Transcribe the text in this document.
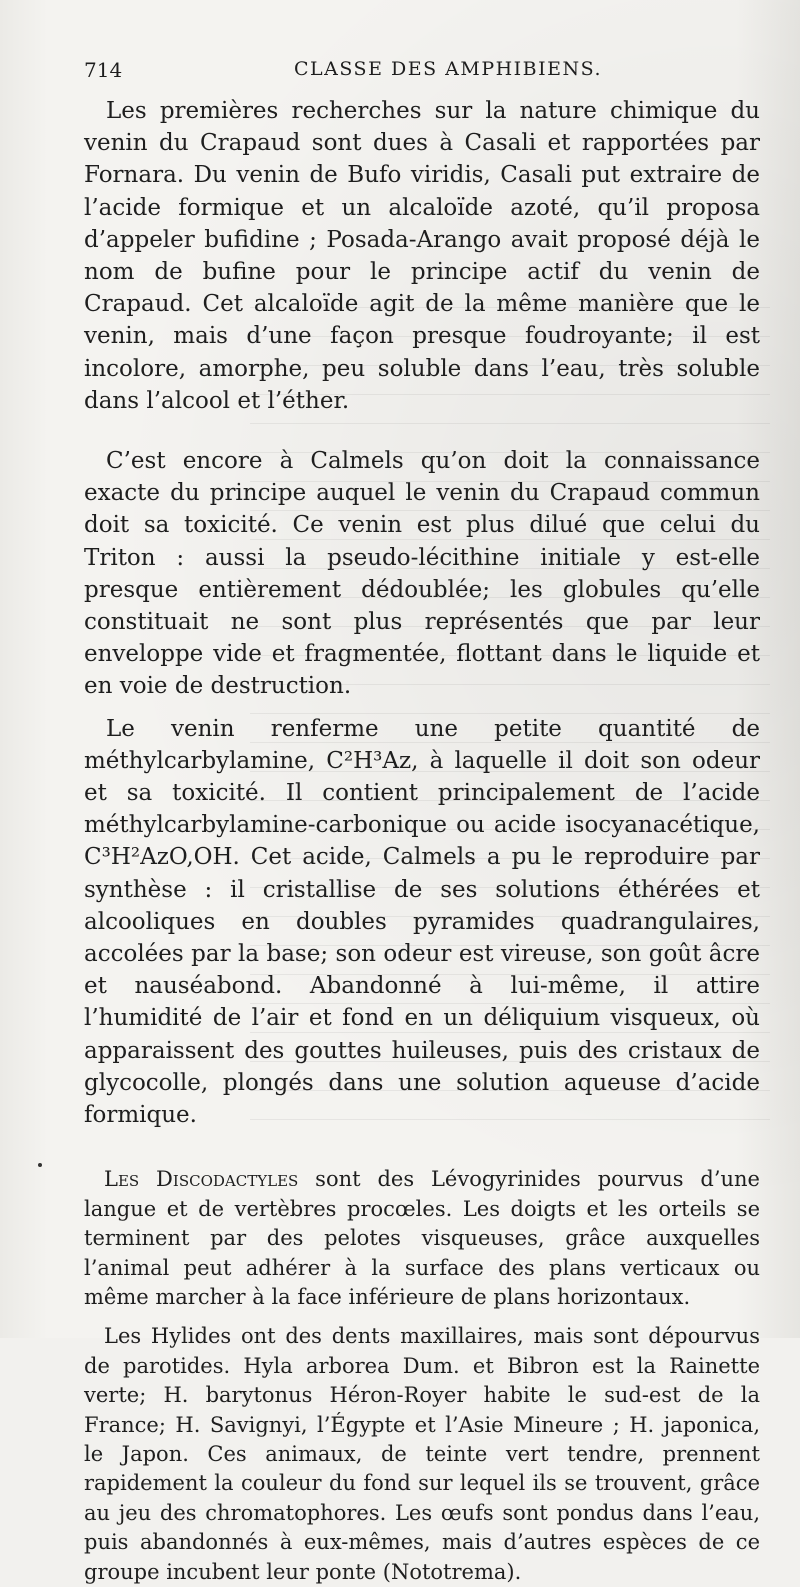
714	CLASSE DES AMPHIBIENS.

Les premières recherches sur la nature chimique du venin du Crapaud sont dues à Casali et rapportées par Fornara. Du venin de Bufo viridis, Casali put extraire de l’acide formique et un alcaloïde azoté, qu’il proposa d’appeler bufidine ; Posada-Arango avait proposé déjà le nom de bufine pour le principe actif du venin de Crapaud. Cet alcaloïde agit de la même manière que le venin, mais d’une façon presque foudroyante; il est incolore, amorphe, peu soluble dans l’eau, très soluble dans l’alcool et l’éther.

C’est encore à Calmels qu’on doit la connaissance exacte du principe auquel le venin du Crapaud commun doit sa toxicité. Ce venin est plus dilué que celui du Triton : aussi la pseudo-lécithine initiale y est-elle presque entièrement dédoublée; les globules qu’elle constituait ne sont plus représentés que par leur enveloppe vide et fragmentée, flottant dans le liquide et en voie de destruction.

Le venin renferme une petite quantité de méthylcarbylamine, C²H³Az, à laquelle il doit son odeur et sa toxicité. Il contient principalement de l’acide méthylcarbylamine-carbonique ou acide isocyanacétique, C³H²AzO,OH. Cet acide, Calmels a pu le reproduire par synthèse : il cristallise de ses solutions éthérées et alcooliques en doubles pyramides quadrangulaires, accolées par la base; son odeur est vireuse, son goût âcre et nauséabond. Abandonné à lui-même, il attire l’humidité de l’air et fond en un déliquium visqueux, où apparaissent des gouttes huileuses, puis des cristaux de glycocolle, plongés dans une solution aqueuse d’acide formique.

Les Discodactyles sont des Lévogyrinides pourvus d’une langue et de vertèbres procœles. Les doigts et les orteils se terminent par des pelotes visqueuses, grâce auxquelles l’animal peut adhérer à la surface des plans verticaux ou même marcher à la face inférieure de plans horizontaux.

Les Hylides ont des dents maxillaires, mais sont dépourvus de parotides. Hyla arborea Dum. et Bibron est la Rainette verte; H. barytonus Héron-Royer habite le sud-est de la France; H. Savignyi, l’Égypte et l’Asie Mineure ; H. japonica, le Japon. Ces animaux, de teinte vert tendre, prennent rapidement la couleur du fond sur lequel ils se trouvent, grâce au jeu des chromatophores. Les œufs sont pondus dans l’eau, puis abandonnés à eux-mêmes, mais d’autres espèces de ce groupe incubent leur ponte (Nototrema).
